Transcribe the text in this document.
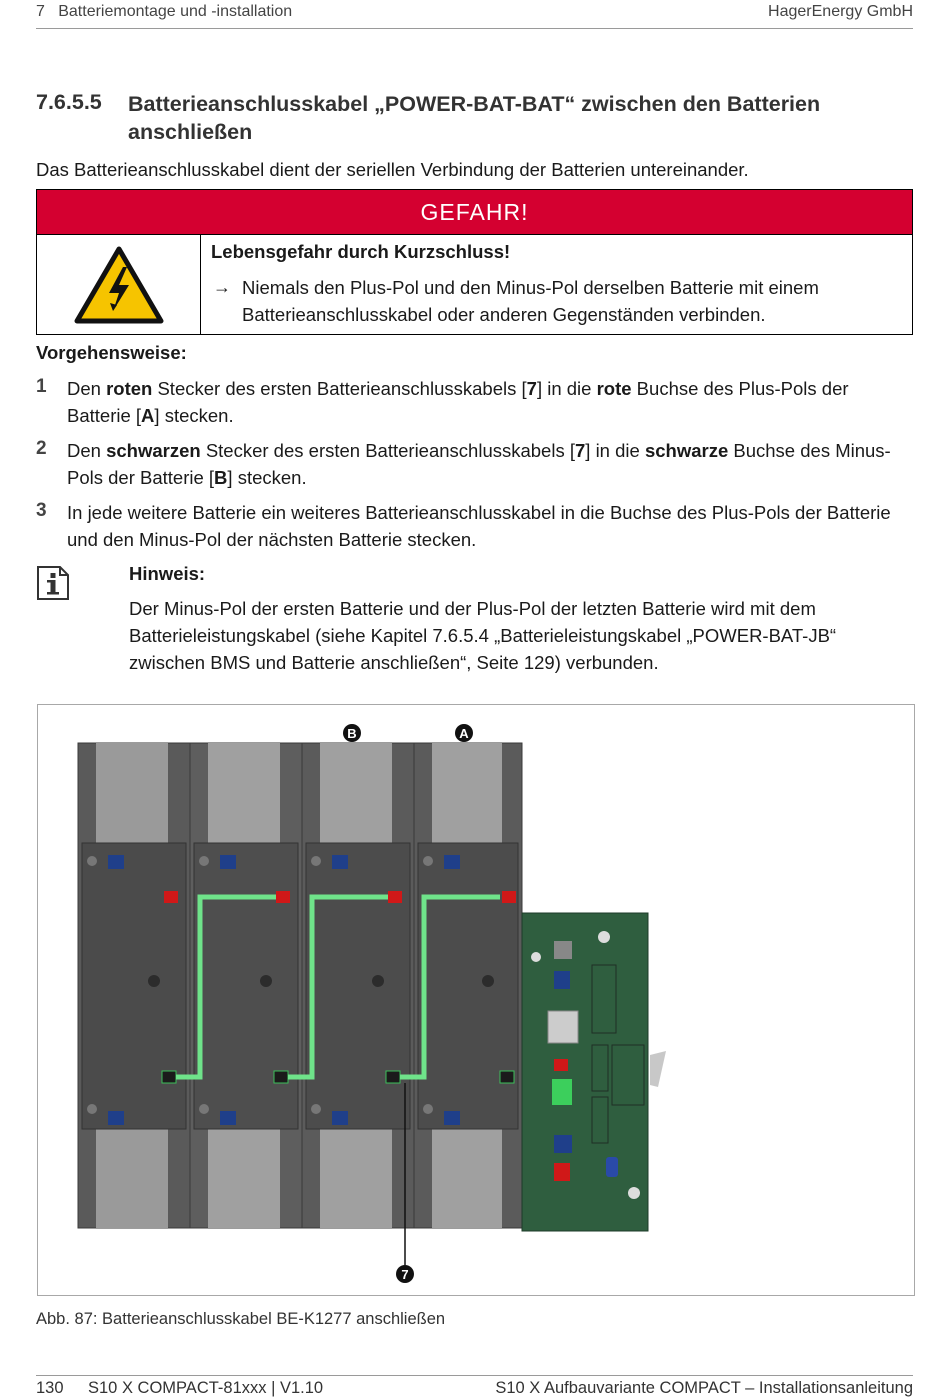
7   Batteriemontage und -installation	HagerEnergy GmbH
7.6.5.5 Batterieanschlusskabel „POWER-BAT-BAT“ zwischen den Batterien anschließen
Das Batterieanschlusskabel dient der seriellen Verbindung der Batterien untereinander.
GEFAHR!
Lebensgefahr durch Kurzschluss!
→ Niemals den Plus-Pol und den Minus-Pol derselben Batterie mit einem Batterieanschlusskabel oder anderen Gegenständen verbinden.
Vorgehensweise:
1 Den roten Stecker des ersten Batterieanschlusskabels [7] in die rote Buchse des Plus-Pols der Batterie [A] stecken.
2 Den schwarzen Stecker des ersten Batterieanschlusskabels [7] in die schwarze Buchse des Minus-Pols der Batterie [B] stecken.
3 In jede weitere Batterie ein weiteres Batterieanschlusskabel in die Buchse des Plus-Pols der Batterie und den Minus-Pol der nächsten Batterie stecken.
Hinweis:
Der Minus-Pol der ersten Batterie und der Plus-Pol der letzten Batterie wird mit dem Batterieleistungskabel (siehe Kapitel 7.6.5.4 „Batterieleistungskabel „POWER-BAT-JB“ zwischen BMS und Batterie anschließen“, Seite 129) verbunden.
B	A
7
Abb. 87: Batterieanschlusskabel BE-K1277 anschließen
130 S10 X COMPACT-81xxx | V1.10	S10 X Aufbauvariante COMPACT – Installationsanleitung
